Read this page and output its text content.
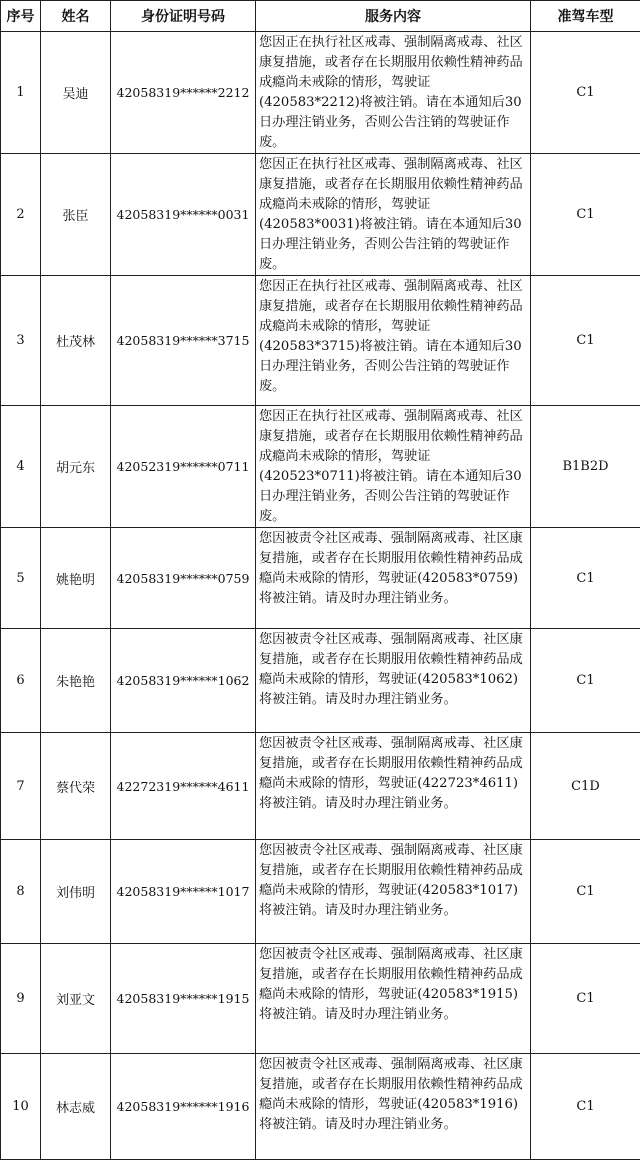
序号	姓名	身份证明号码	服务内容	准驾车型
1	吴迪	42058319******2212	您因正在执行社区戒毒、强制隔离戒毒、社区康复措施，或者存在长期服用依赖性精神药品成瘾尚未戒除的情形，驾驶证(420583*2212)将被注销。请在本通知后30日办理注销业务，否则公告注销的驾驶证作废。	C1
2	张臣	42058319******0031	您因正在执行社区戒毒、强制隔离戒毒、社区康复措施，或者存在长期服用依赖性精神药品成瘾尚未戒除的情形，驾驶证(420583*0031)将被注销。请在本通知后30日办理注销业务，否则公告注销的驾驶证作废。	C1
3	杜茂林	42058319******3715	您因正在执行社区戒毒、强制隔离戒毒、社区康复措施，或者存在长期服用依赖性精神药品成瘾尚未戒除的情形，驾驶证(420583*3715)将被注销。请在本通知后30日办理注销业务，否则公告注销的驾驶证作废。	C1
4	胡元东	42052319******0711	您因正在执行社区戒毒、强制隔离戒毒、社区康复措施，或者存在长期服用依赖性精神药品成瘾尚未戒除的情形，驾驶证(420523*0711)将被注销。请在本通知后30日办理注销业务，否则公告注销的驾驶证作废。	B1B2D
5	姚艳明	42058319******0759	您因被责令社区戒毒、强制隔离戒毒、社区康复措施，或者存在长期服用依赖性精神药品成瘾尚未戒除的情形，驾驶证(420583*0759)将被注销。请及时办理注销业务。	C1
6	朱艳艳	42058319******1062	您因被责令社区戒毒、强制隔离戒毒、社区康复措施，或者存在长期服用依赖性精神药品成瘾尚未戒除的情形，驾驶证(420583*1062)将被注销。请及时办理注销业务。	C1
7	蔡代荣	42272319******4611	您因被责令社区戒毒、强制隔离戒毒、社区康复措施，或者存在长期服用依赖性精神药品成瘾尚未戒除的情形，驾驶证(422723*4611)将被注销。请及时办理注销业务。	C1D
8	刘伟明	42058319******1017	您因被责令社区戒毒、强制隔离戒毒、社区康复措施，或者存在长期服用依赖性精神药品成瘾尚未戒除的情形，驾驶证(420583*1017)将被注销。请及时办理注销业务。	C1
9	刘亚文	42058319******1915	您因被责令社区戒毒、强制隔离戒毒、社区康复措施，或者存在长期服用依赖性精神药品成瘾尚未戒除的情形，驾驶证(420583*1915)将被注销。请及时办理注销业务。	C1
10	林志威	42058319******1916	您因被责令社区戒毒、强制隔离戒毒、社区康复措施，或者存在长期服用依赖性精神药品成瘾尚未戒除的情形，驾驶证(420583*1916)将被注销。请及时办理注销业务。	C1
